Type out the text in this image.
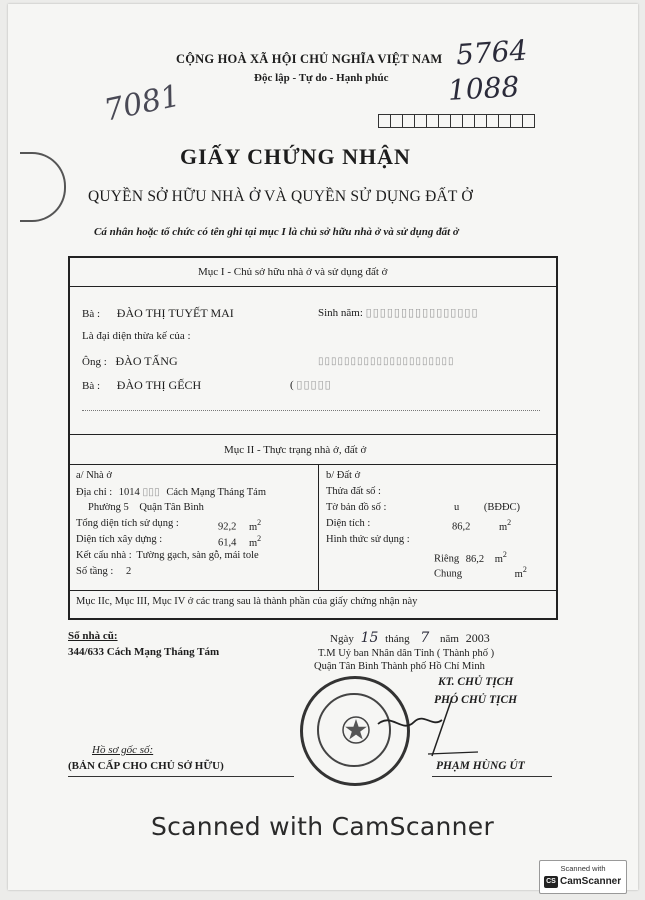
CỘNG HOÀ XÃ HỘI CHỦ NGHĨA VIỆT NAM
Độc lập - Tự do - Hạnh phúc
5764
1088
7081
GIẤY CHỨNG NHẬN
QUYỀN SỞ HỮU NHÀ Ở VÀ QUYỀN SỬ DỤNG ĐẤT Ở
Cá nhân hoặc tổ chức có tên ghi tại mục I là chủ sở hữu nhà ở và sử dụng đất ở
Mục I - Chủ sở hữu nhà ở và sử dụng đất ở
Bà : ĐÀO THỊ TUYẾT MAI	Sinh năm: ▯▯▯▯▯▯▯▯▯▯▯▯▯▯▯▯
Là đại diện thừa kế của :
Ông : ĐÀO TẤNG	▯▯▯▯▯▯▯▯▯▯▯▯▯▯▯▯▯▯▯▯▯
Bà : ĐÀO THỊ GẾCH	( ▯▯▯▯▯
Mục II - Thực trạng nhà ở, đất ở
a/ Nhà ở
Địa chỉ : 1014 ▯▯▯ Cách Mạng Tháng Tám
Phường 5 Quận Tân Bình
Tổng diện tích sử dụng :	92,2 $m^2$
Diện tích xây dựng :	61,4 $m^2$
Kết cấu nhà : Tường gạch, sàn gỗ, mái tole
Số tầng : 2
b/ Đất ở
Thửa đất số :
Tờ bản đồ số :	u (BĐĐC)
Diện tích :	86,2	$m^2$
Hình thức sử dụng :
Riêng 86,2 $m^2$
Chung	$m^2$
Mục IIc, Mục III, Mục IV ở các trang sau là thành phần của giấy chứng nhận này
Số nhà cũ:
344/633 Cách Mạng Tháng Tám
Ngày 15 tháng 7 năm 2003
T.M Uỷ ban Nhân dân Tỉnh ( Thành phố )
Quận Tân Bình Thành phố Hồ Chí Minh
KT. CHỦ TỊCH
PHÓ CHỦ TỊCH
Hồ sơ gốc số:
(BẢN CẤP CHO CHỦ SỞ HỮU)	PHẠM HÙNG ÚT
Scanned with CamScanner
Scanned with
CS CamScanner
